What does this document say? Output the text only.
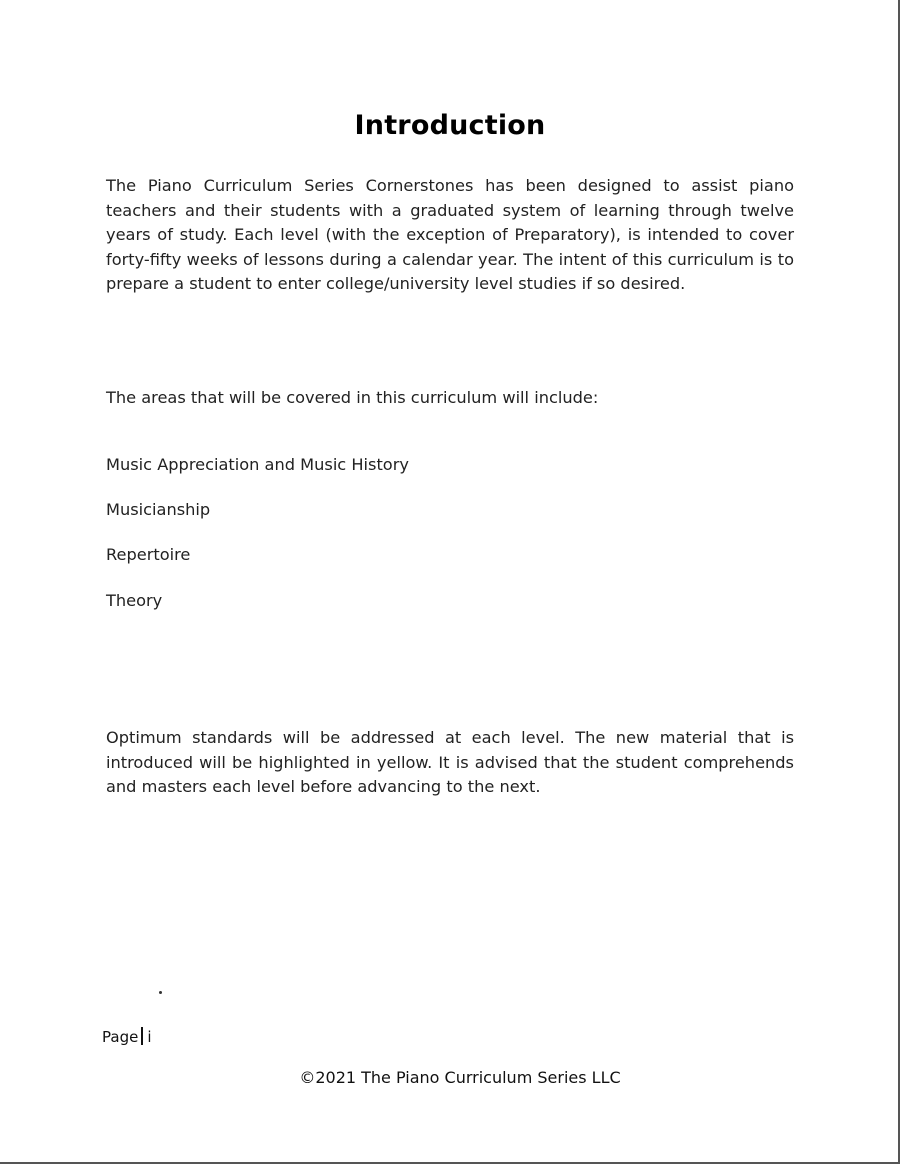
Introduction
The Piano Curriculum Series Cornerstones has been designed to assist piano teachers and their students with a graduated system of learning through twelve years of study. Each level (with the exception of Preparatory), is intended to cover forty-fifty weeks of lessons during a calendar year. The intent of this curriculum is to prepare a student to enter college/university level studies if so desired.
The areas that will be covered in this curriculum will include:
Music Appreciation and Music History
Musicianship
Repertoire
Theory
Optimum standards will be addressed at each level. The new material that is introduced will be highlighted in yellow. It is advised that the student comprehends and masters each level before advancing to the next.
Page i
©2021 The Piano Curriculum Series LLC
